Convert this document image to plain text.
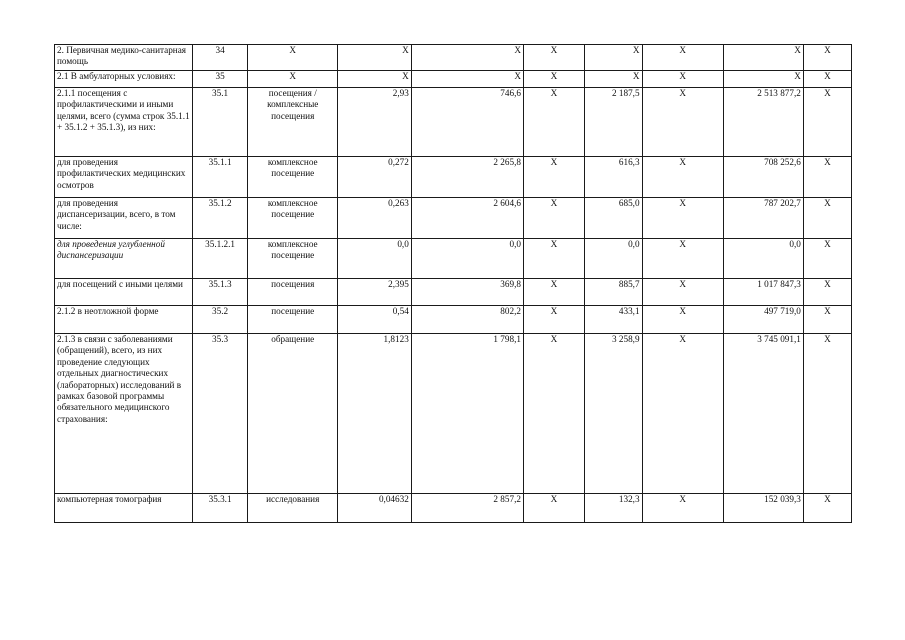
2. Первичная медико-санитарная помощь	34	X	X	X	X	X	X	X	X
2.1 В амбулаторных условиях:	35	X	X	X	X	X	X	X	X
2.1.1 посещения с профилактическими и иными целями, всего (сумма строк 35.1.1 + 35.1.2 + 35.1.3), из них:	35.1	посещения / комплексные посещения	2,93	746,6	X	2 187,5	X	2 513 877,2	X
для проведения профилактических медицинских осмотров	35.1.1	комплексное посещение	0,272	2 265,8	X	616,3	X	708 252,6	X
для проведения диспансеризации, всего, в том числе:	35.1.2	комплексное посещение	0,263	2 604,6	X	685,0	X	787 202,7	X
для проведения углубленной диспансеризации	35.1.2.1	комплексное посещение	0,0	0,0	X	0,0	X	0,0	X
для посещений с иными целями	35.1.3	посещения	2,395	369,8	X	885,7	X	1 017 847,3	X
2.1.2 в неотложной форме	35.2	посещение	0,54	802,2	X	433,1	X	497 719,0	X
2.1.3 в связи с заболеваниями (обращений), всего, из них проведение следующих отдельных диагностических (лабораторных) исследований в рамках базовой программы обязательного медицинского страхования:	35.3	обращение	1,8123	1 798,1	X	3 258,9	X	3 745 091,1	X
компьютерная томография	35.3.1	исследования	0,04632	2 857,2	X	132,3	X	152 039,3	X
